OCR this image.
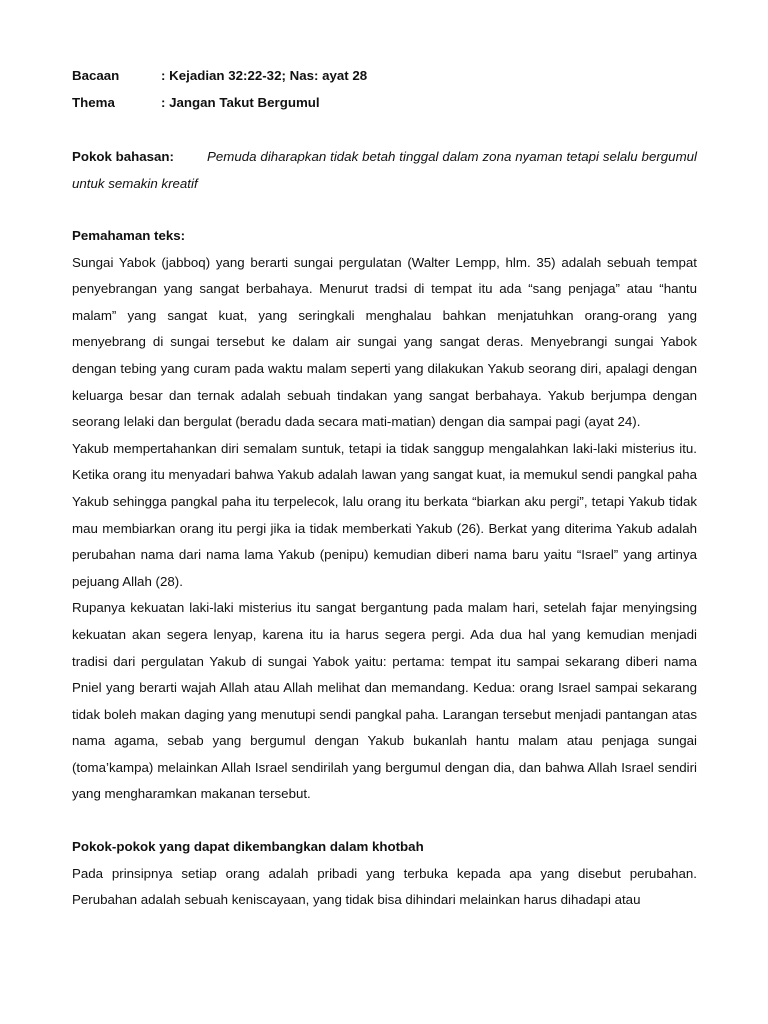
Bacaan	: Kejadian 32:22-32; Nas: ayat 28
Thema	: Jangan Takut Bergumul

Pokok bahasan: Pemuda diharapkan tidak betah tinggal dalam zona nyaman tetapi selalu bergumul untuk semakin kreatif

Pemahaman teks:

Sungai Yabok (jabboq) yang berarti sungai pergulatan (Walter Lempp, hlm. 35) adalah sebuah tempat penyebrangan yang sangat berbahaya. Menurut tradsi di tempat itu ada “sang penjaga” atau “hantu malam” yang sangat kuat, yang seringkali menghalau bahkan menjatuhkan orang-orang yang menyebrang di sungai tersebut ke dalam air sungai yang sangat deras. Menyebrangi sungai Yabok dengan tebing yang curam pada waktu malam seperti yang dilakukan Yakub seorang diri, apalagi dengan keluarga besar dan ternak adalah sebuah tindakan yang sangat berbahaya. Yakub berjumpa dengan seorang lelaki dan bergulat (beradu dada secara mati-matian) dengan dia sampai pagi (ayat 24).

Yakub mempertahankan diri semalam suntuk, tetapi ia tidak sanggup mengalahkan laki-laki misterius itu. Ketika orang itu menyadari bahwa Yakub adalah lawan yang sangat kuat, ia memukul sendi pangkal paha Yakub sehingga pangkal paha itu terpelecok, lalu orang itu berkata “biarkan aku pergi”, tetapi Yakub tidak mau membiarkan orang itu pergi jika ia tidak memberkati Yakub (26). Berkat yang diterima Yakub adalah perubahan nama dari nama lama Yakub (penipu) kemudian diberi nama baru yaitu “Israel” yang artinya pejuang Allah (28).

Rupanya kekuatan laki-laki misterius itu sangat bergantung pada malam hari, setelah fajar menyingsing kekuatan akan segera lenyap, karena itu ia harus segera pergi. Ada dua hal yang kemudian menjadi tradisi dari pergulatan Yakub di sungai Yabok yaitu: pertama: tempat itu sampai sekarang diberi nama Pniel yang berarti wajah Allah atau Allah melihat dan memandang. Kedua: orang Israel sampai sekarang tidak boleh makan daging yang menutupi sendi pangkal paha. Larangan tersebut menjadi pantangan atas nama agama, sebab yang bergumul dengan Yakub bukanlah hantu malam atau penjaga sungai (toma’kampa) melainkan Allah Israel sendirilah yang bergumul dengan dia, dan bahwa Allah Israel sendiri yang mengharamkan makanan tersebut.

Pokok-pokok yang dapat dikembangkan dalam khotbah

Pada prinsipnya setiap orang adalah pribadi yang terbuka kepada apa yang disebut perubahan. Perubahan adalah sebuah keniscayaan, yang tidak bisa dihindari melainkan harus dihadapi atau
